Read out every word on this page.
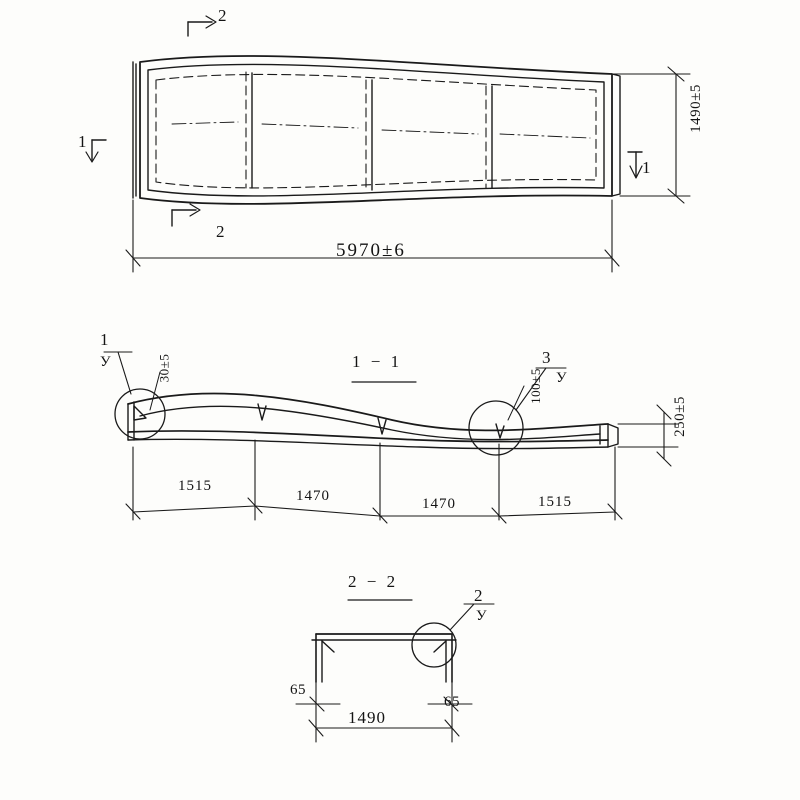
2
2
1
1
5970±6
1490±5
1 − 1
1
У	3
У
30±5
100±5
250±5
1515
1470	1470	1515
2 − 2
2
У
65
65
1490
